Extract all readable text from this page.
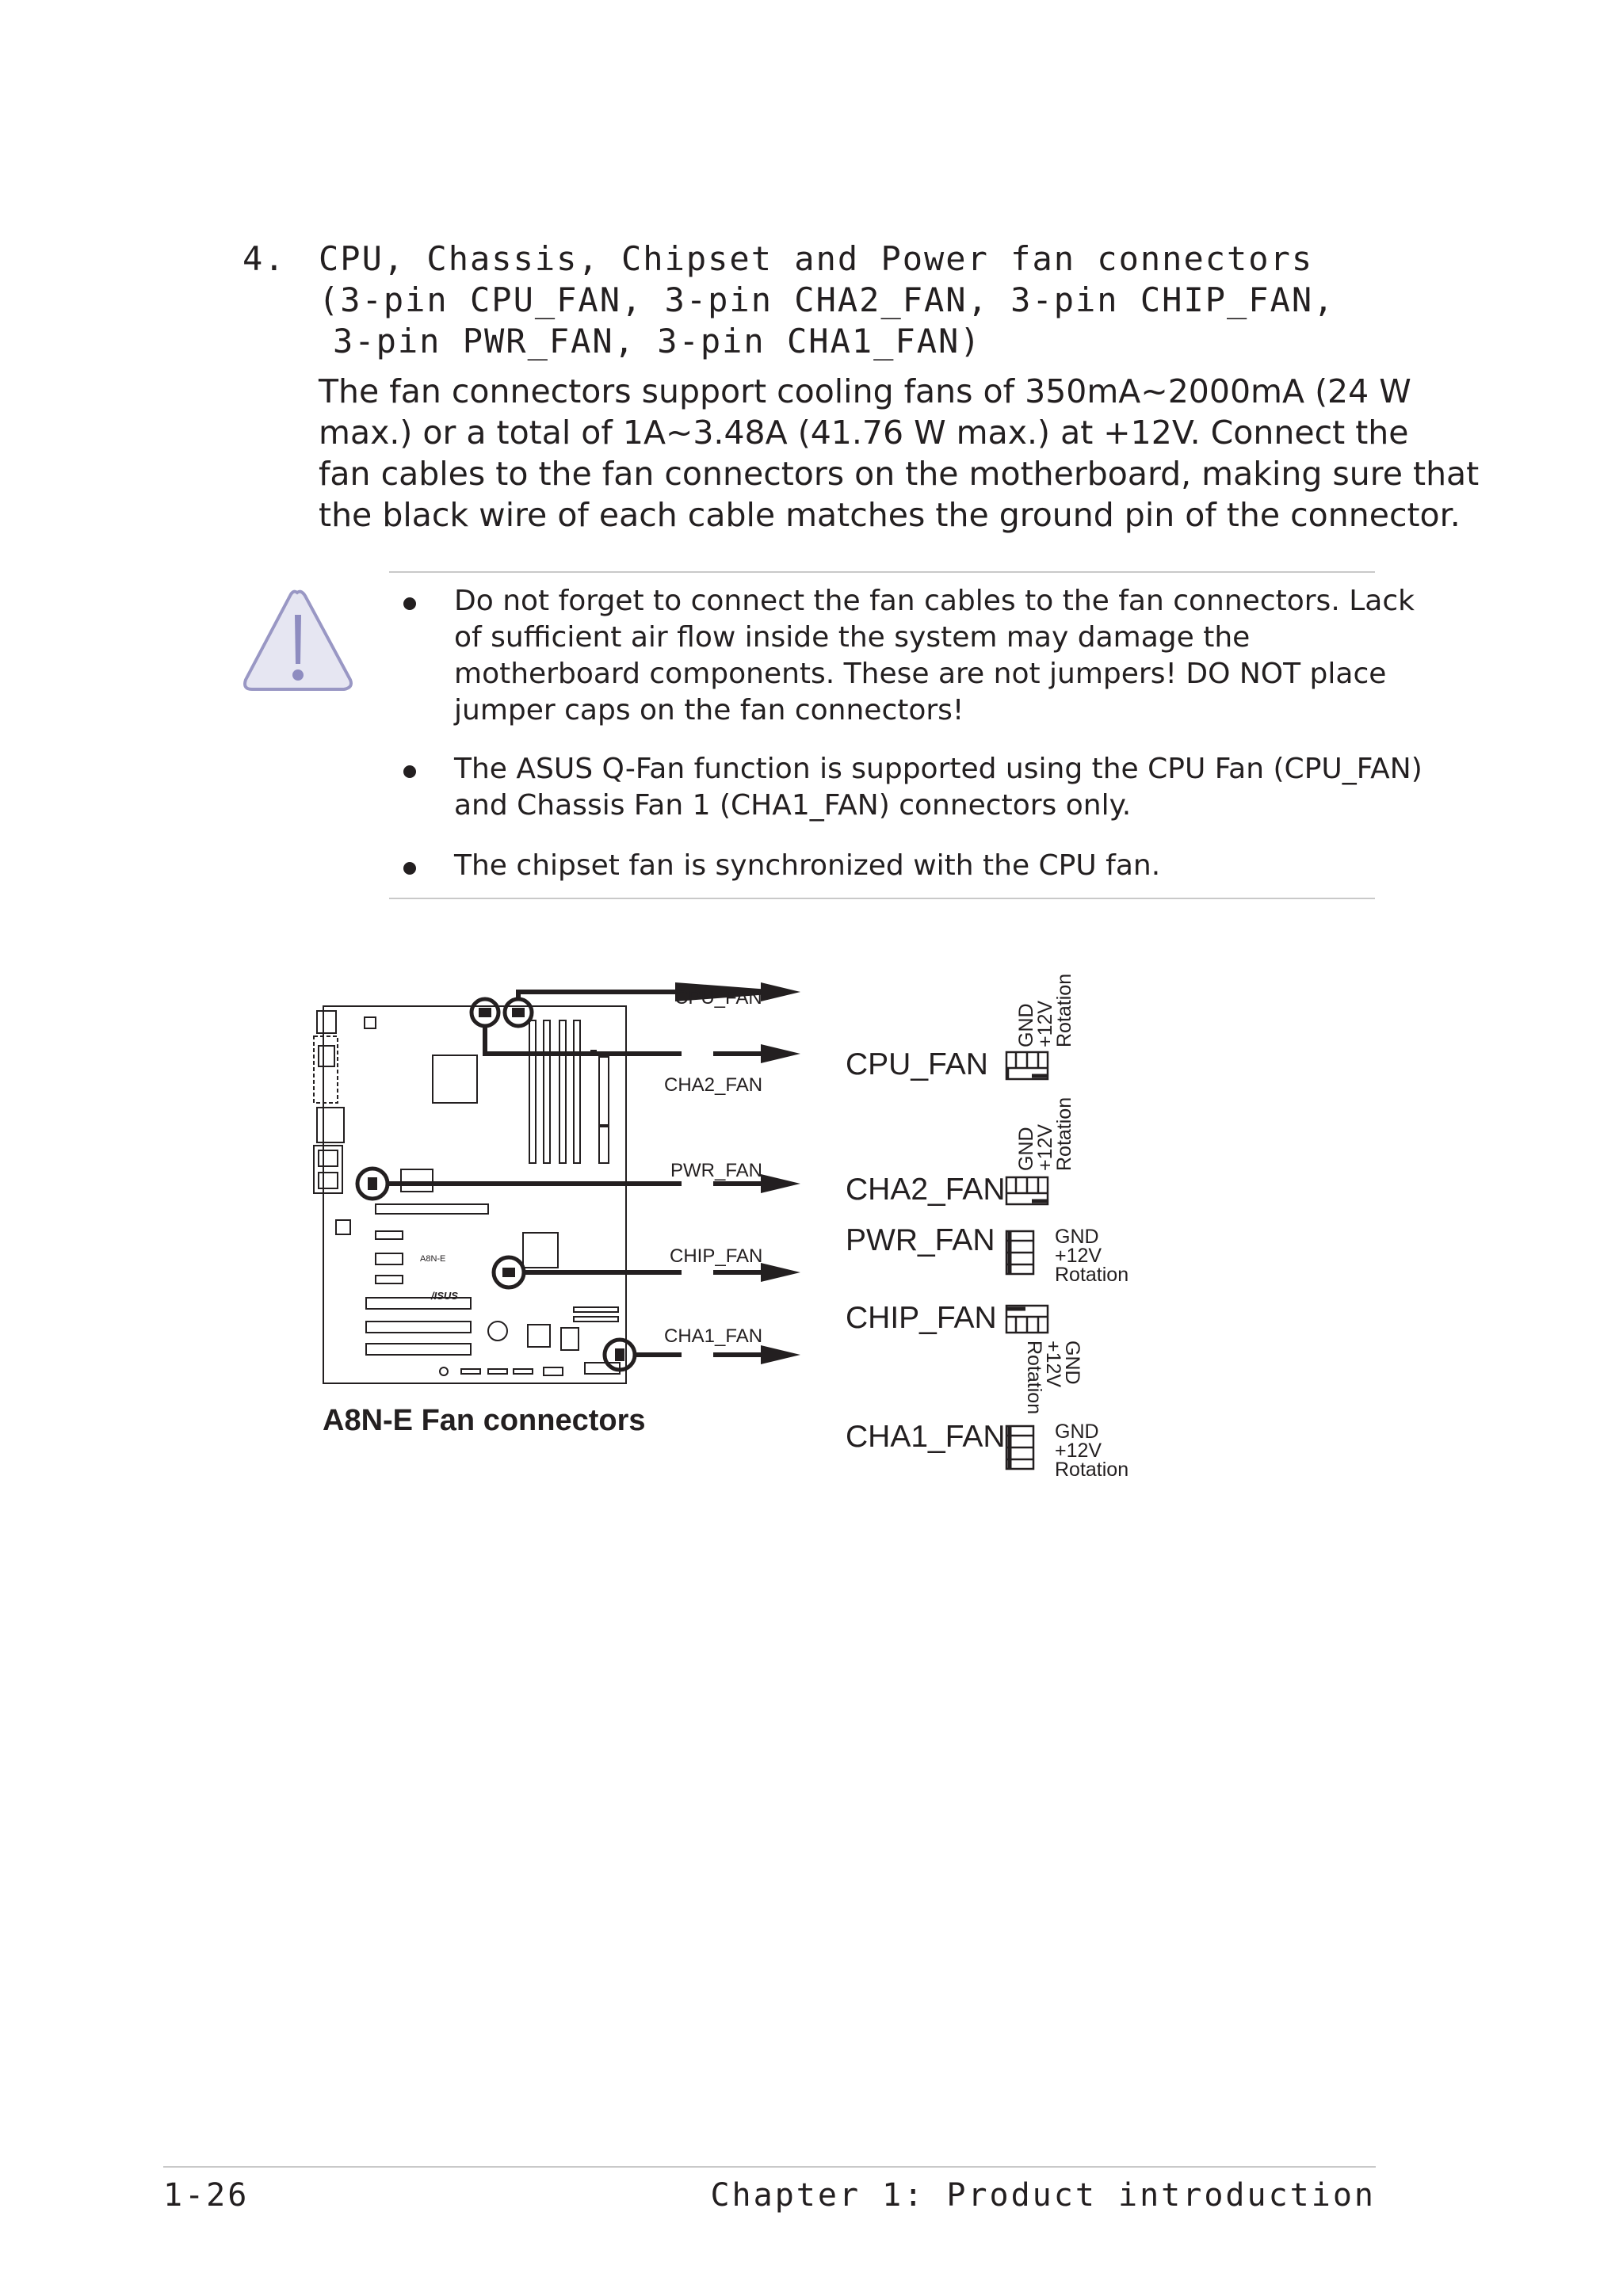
4. CPU, Chassis, Chipset and Power fan connectors
(3-pin CPU_FAN, 3-pin CHA2_FAN, 3-pin CHIP_FAN,
3-pin PWR_FAN, 3-pin CHA1_FAN)
The fan connectors support cooling fans of 350mA~2000mA (24 W
max.) or a total of 1A~3.48A (41.76 W max.) at +12V. Connect the
fan cables to the fan connectors on the motherboard, making sure that
the black wire of each cable matches the ground pin of the connector.
Do not forget to connect the fan cables to the fan connectors. Lack
of sufficient air flow inside the system may damage the
motherboard components. These are not jumpers! DO NOT place
jumper caps on the fan connectors!
The ASUS Q-Fan function is supported using the CPU Fan (CPU_FAN)
and Chassis Fan 1 (CHA1_FAN) connectors only.
The chipset fan is synchronized with the CPU fan.
A8N-E
/ISUS
CPU_FAN
CHA2_FAN
PWR_FAN
CHIP_FAN
CHA1_FAN
A8N-E Fan connectors
CPU_FAN
CHA2_FAN
PWR_FAN
CHIP_FAN
CHA1_FAN
GND
+12V
Rotation
GND
+12V
Rotation
GND
+12V
Rotation
GND
+12V
Rotation
GND
+12V
Rotation
1-26	Chapter 1: Product introduction
